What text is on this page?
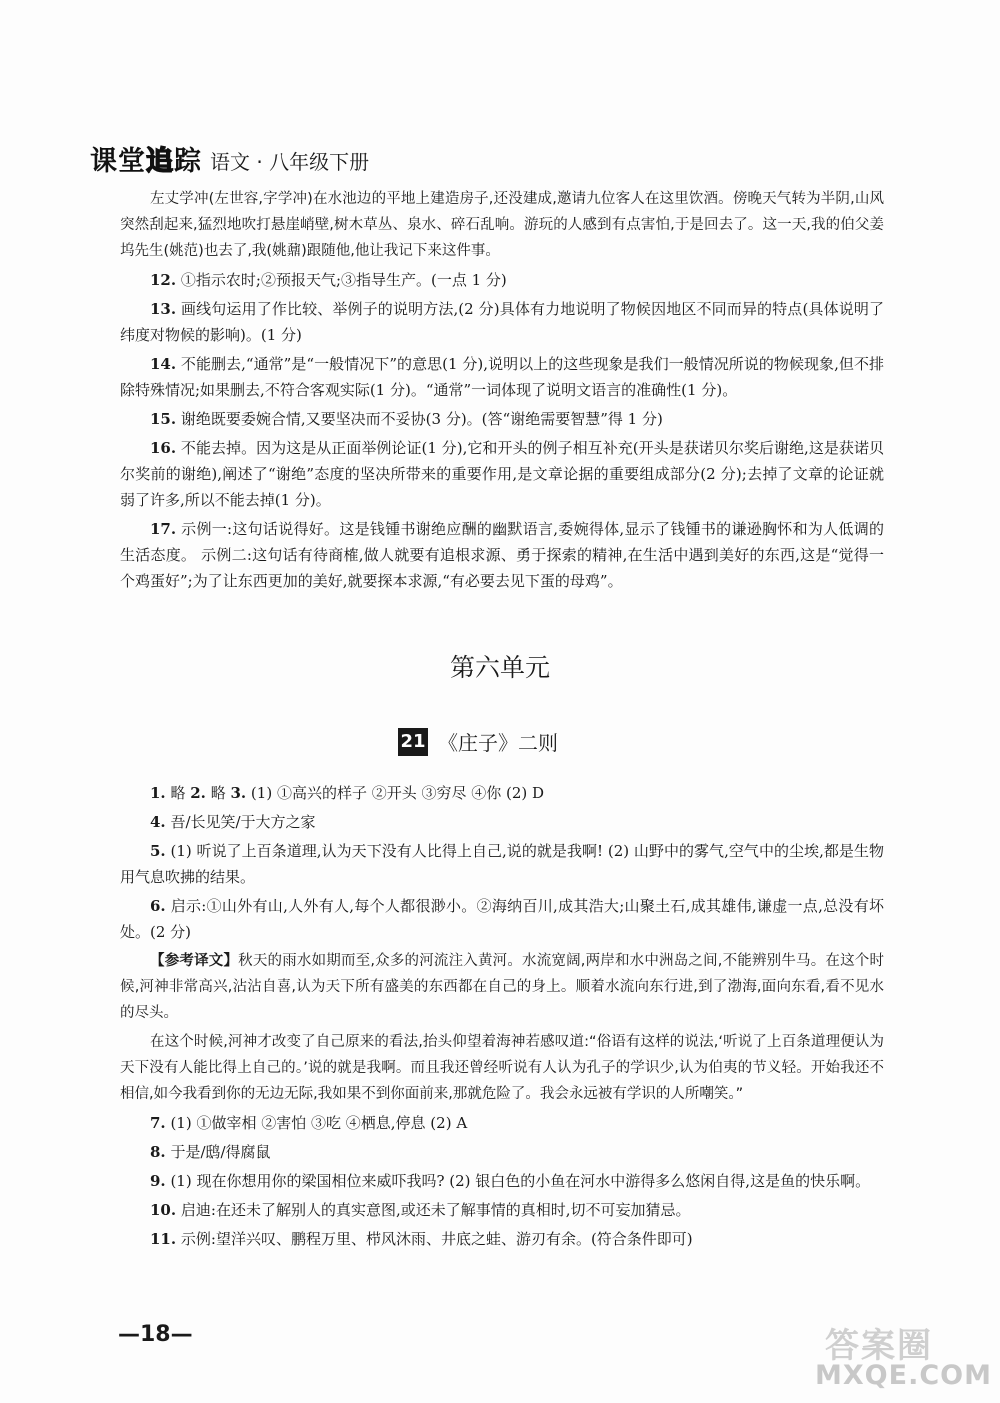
课堂追踪 语文 · 八年级下册

左丈学冲(左世容,字学冲)在水池边的平地上建造房子,还没建成,邀请九位客人在这里饮酒。傍晚天气转为半阴,山风突然刮起来,猛烈地吹打悬崖峭壁,树木草丛、泉水、碎石乱响。游玩的人感到有点害怕,于是回去了。这一天,我的伯父姜坞先生(姚范)也去了,我(姚鼐)跟随他,他让我记下来这件事。

12. ①指示农时;②预报天气;③指导生产。(一点 1 分)

13. 画线句运用了作比较、举例子的说明方法,(2 分)具体有力地说明了物候因地区不同而异的特点(具体说明了纬度对物候的影响)。(1 分)

14. 不能删去,“通常”是“一般情况下”的意思(1 分),说明以上的这些现象是我们一般情况所说的物候现象,但不排除特殊情况;如果删去,不符合客观实际(1 分)。“通常”一词体现了说明文语言的准确性(1 分)。

15. 谢绝既要委婉合情,又要坚决而不妥协(3 分)。(答“谢绝需要智慧”得 1 分)

16. 不能去掉。因为这是从正面举例论证(1 分),它和开头的例子相互补充(开头是获诺贝尔奖后谢绝,这是获诺贝尔奖前的谢绝),阐述了“谢绝”态度的坚决所带来的重要作用,是文章论据的重要组成部分(2 分);去掉了文章的论证就弱了许多,所以不能去掉(1 分)。

17. 示例一:这句话说得好。这是钱锺书谢绝应酬的幽默语言,委婉得体,显示了钱锺书的谦逊胸怀和为人低调的生活态度。 示例二:这句话有待商榷,做人就要有追根求源、勇于探索的精神,在生活中遇到美好的东西,这是“觉得一个鸡蛋好”;为了让东西更加的美好,就要探本求源,“有必要去见下蛋的母鸡”。

第六单元
21 《庄子》二则

1. 略 2. 略 3. (1) ①高兴的样子 ②开头 ③穷尽 ④你 (2) D

4. 吾/长见笑/于大方之家

5. (1) 听说了上百条道理,认为天下没有人比得上自己,说的就是我啊! (2) 山野中的雾气,空气中的尘埃,都是生物用气息吹拂的结果。

6. 启示:①山外有山,人外有人,每个人都很渺小。②海纳百川,成其浩大;山聚土石,成其雄伟,谦虚一点,总没有坏处。(2 分)

【参考译文】秋天的雨水如期而至,众多的河流注入黄河。水流宽阔,两岸和水中洲岛之间,不能辨别牛马。在这个时候,河神非常高兴,沾沾自喜,认为天下所有盛美的东西都在自己的身上。顺着水流向东行进,到了渤海,面向东看,看不见水的尽头。

在这个时候,河神才改变了自己原来的看法,抬头仰望着海神若感叹道:“俗语有这样的说法,‘听说了上百条道理便认为天下没有人能比得上自己的。’说的就是我啊。而且我还曾经听说有人认为孔子的学识少,认为伯夷的节义轻。开始我还不相信,如今我看到你的无边无际,我如果不到你面前来,那就危险了。我会永远被有学识的人所嘲笑。”

7. (1) ①做宰相 ②害怕 ③吃 ④栖息,停息 (2) A

8. 于是/鸱/得腐鼠

9. (1) 现在你想用你的梁国相位来威吓我吗? (2) 银白色的小鱼在河水中游得多么悠闲自得,这是鱼的快乐啊。

10. 启迪:在还未了解别人的真实意图,或还未了解事情的真相时,切不可妄加猜忌。

11. 示例:望洋兴叹、鹏程万里、栉风沐雨、井底之蛙、游刃有余。(符合条件即可)

—18—	答案圈
MXQE.COM
